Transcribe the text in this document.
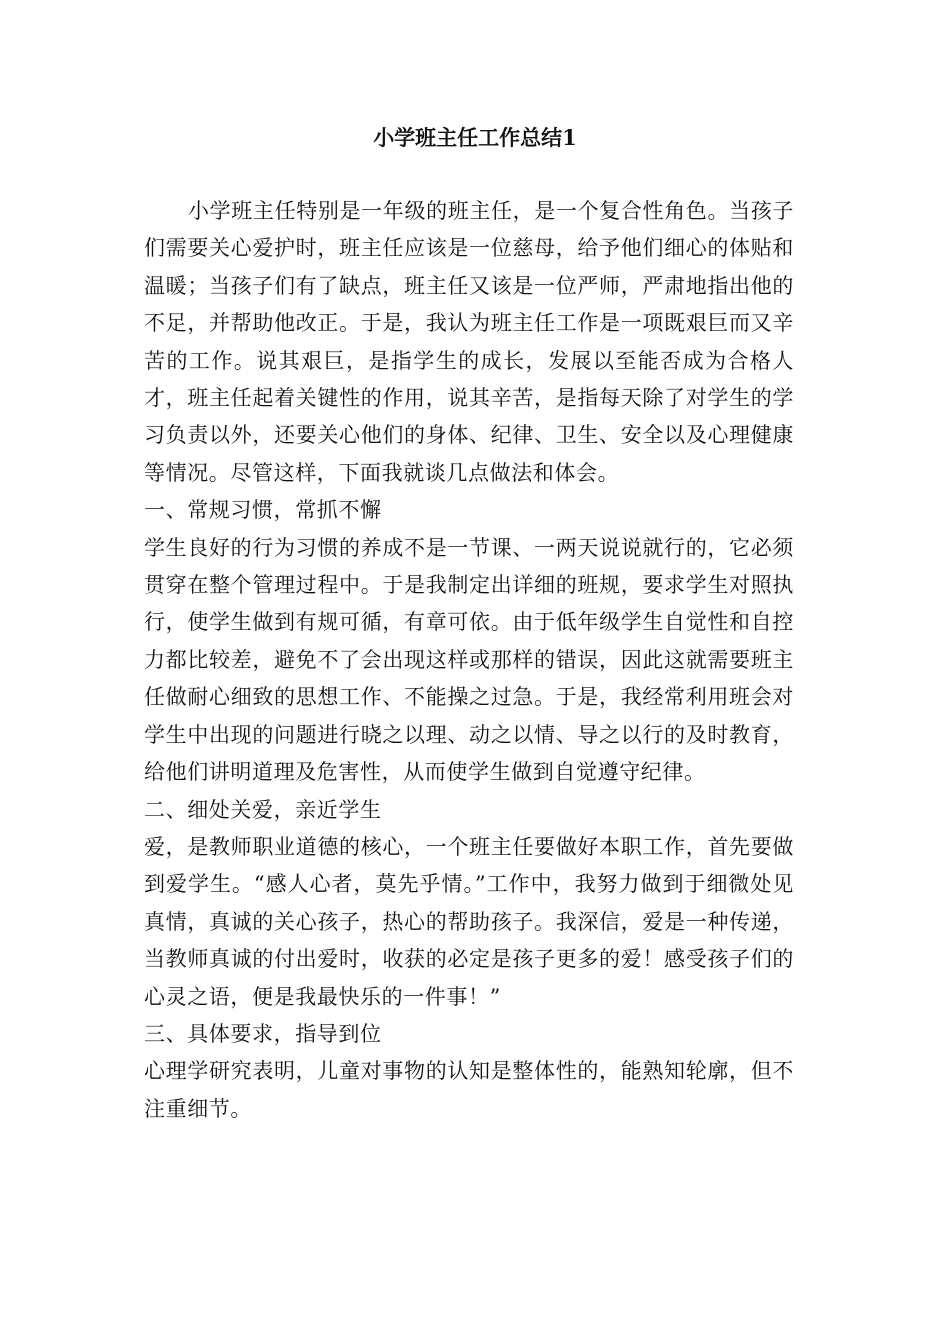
小学班主任工作总结1

小学班主任特别是一年级的班主任，是一个复合性角色。当孩子们需要关心爱护时，班主任应该是一位慈母，给予他们细心的体贴和温暖；当孩子们有了缺点，班主任又该是一位严师，严肃地指出他的不足，并帮助他改正。于是，我认为班主任工作是一项既艰巨而又辛苦的工作。说其艰巨，是指学生的成长，发展以至能否成为合格人才，班主任起着关键性的作用，说其辛苦，是指每天除了对学生的学习负责以外，还要关心他们的身体、纪律、卫生、安全以及心理健康等情况。尽管这样，下面我就谈几点做法和体会。

一、常规习惯，常抓不懈

学生良好的行为习惯的养成不是一节课、一两天说说就行的，它必须贯穿在整个管理过程中。于是我制定出详细的班规，要求学生对照执行，使学生做到有规可循，有章可依。由于低年级学生自觉性和自控力都比较差，避免不了会出现这样或那样的错误，因此这就需要班主任做耐心细致的思想工作、不能操之过急。于是，我经常利用班会对学生中出现的问题进行晓之以理、动之以情、导之以行的及时教育，给他们讲明道理及危害性，从而使学生做到自觉遵守纪律。

二、细处关爱，亲近学生

爱，是教师职业道德的核心，一个班主任要做好本职工作，首先要做到爱学生。“感人心者，莫先乎情。”工作中，我努力做到于细微处见真情，真诚的关心孩子，热心的帮助孩子。我深信，爱是一种传递，当教师真诚的付出爱时，收获的必定是孩子更多的爱！感受孩子们的心灵之语，便是我最快乐的一件事！”

三、具体要求，指导到位

心理学研究表明，儿童对事物的认知是整体性的，能熟知轮廓，但不注重细节。
